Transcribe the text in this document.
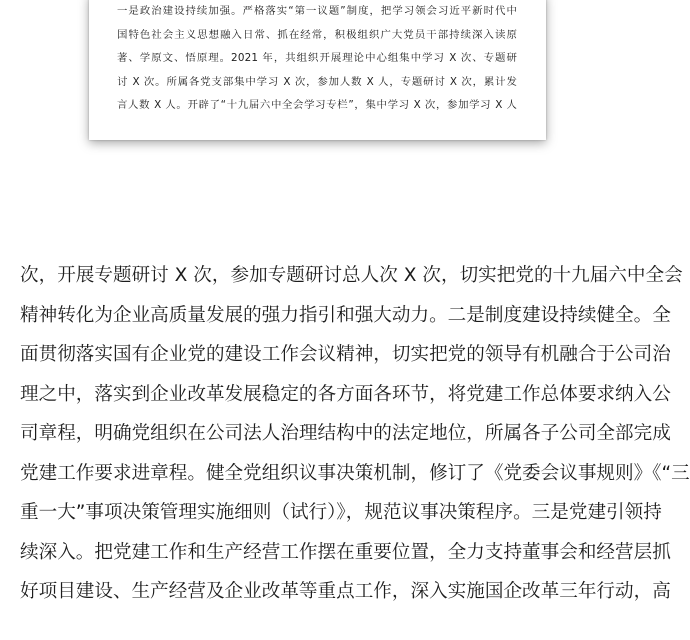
一是政治建设持续加强。严格落实“第一议题”制度，把学习领会习近平新时代中
国特色社会主义思想融入日常、抓在经常，积极组织广大党员干部持续深入读原
著、学原文、悟原理。2021 年，共组织开展理论中心组集中学习 X 次、专题研
讨 X 次。所属各党支部集中学习 X 次，参加人数 X 人，专题研讨 X 次，累计发
言人数 X 人。开辟了“十九届六中全会学习专栏”，集中学习 X 次，参加学习 X 人

次，开展专题研讨 X 次，参加专题研讨总人次 X 次，切实把党的十九届六中全会
精神转化为企业高质量发展的强力指引和强大动力。二是制度建设持续健全。全
面贯彻落实国有企业党的建设工作会议精神，切实把党的领导有机融合于公司治
理之中，落实到企业改革发展稳定的各方面各环节，将党建工作总体要求纳入公
司章程，明确党组织在公司法人治理结构中的法定地位，所属各子公司全部完成
党建工作要求进章程。健全党组织议事决策机制，修订了《党委会议事规则》《“三
重一大”事项决策管理实施细则（试行）》，规范议事决策程序。三是党建引领持
续深入。把党建工作和生产经营工作摆在重要位置，全力支持董事会和经营层抓
好项目建设、生产经营及企业改革等重点工作，深入实施国企改革三年行动，高
